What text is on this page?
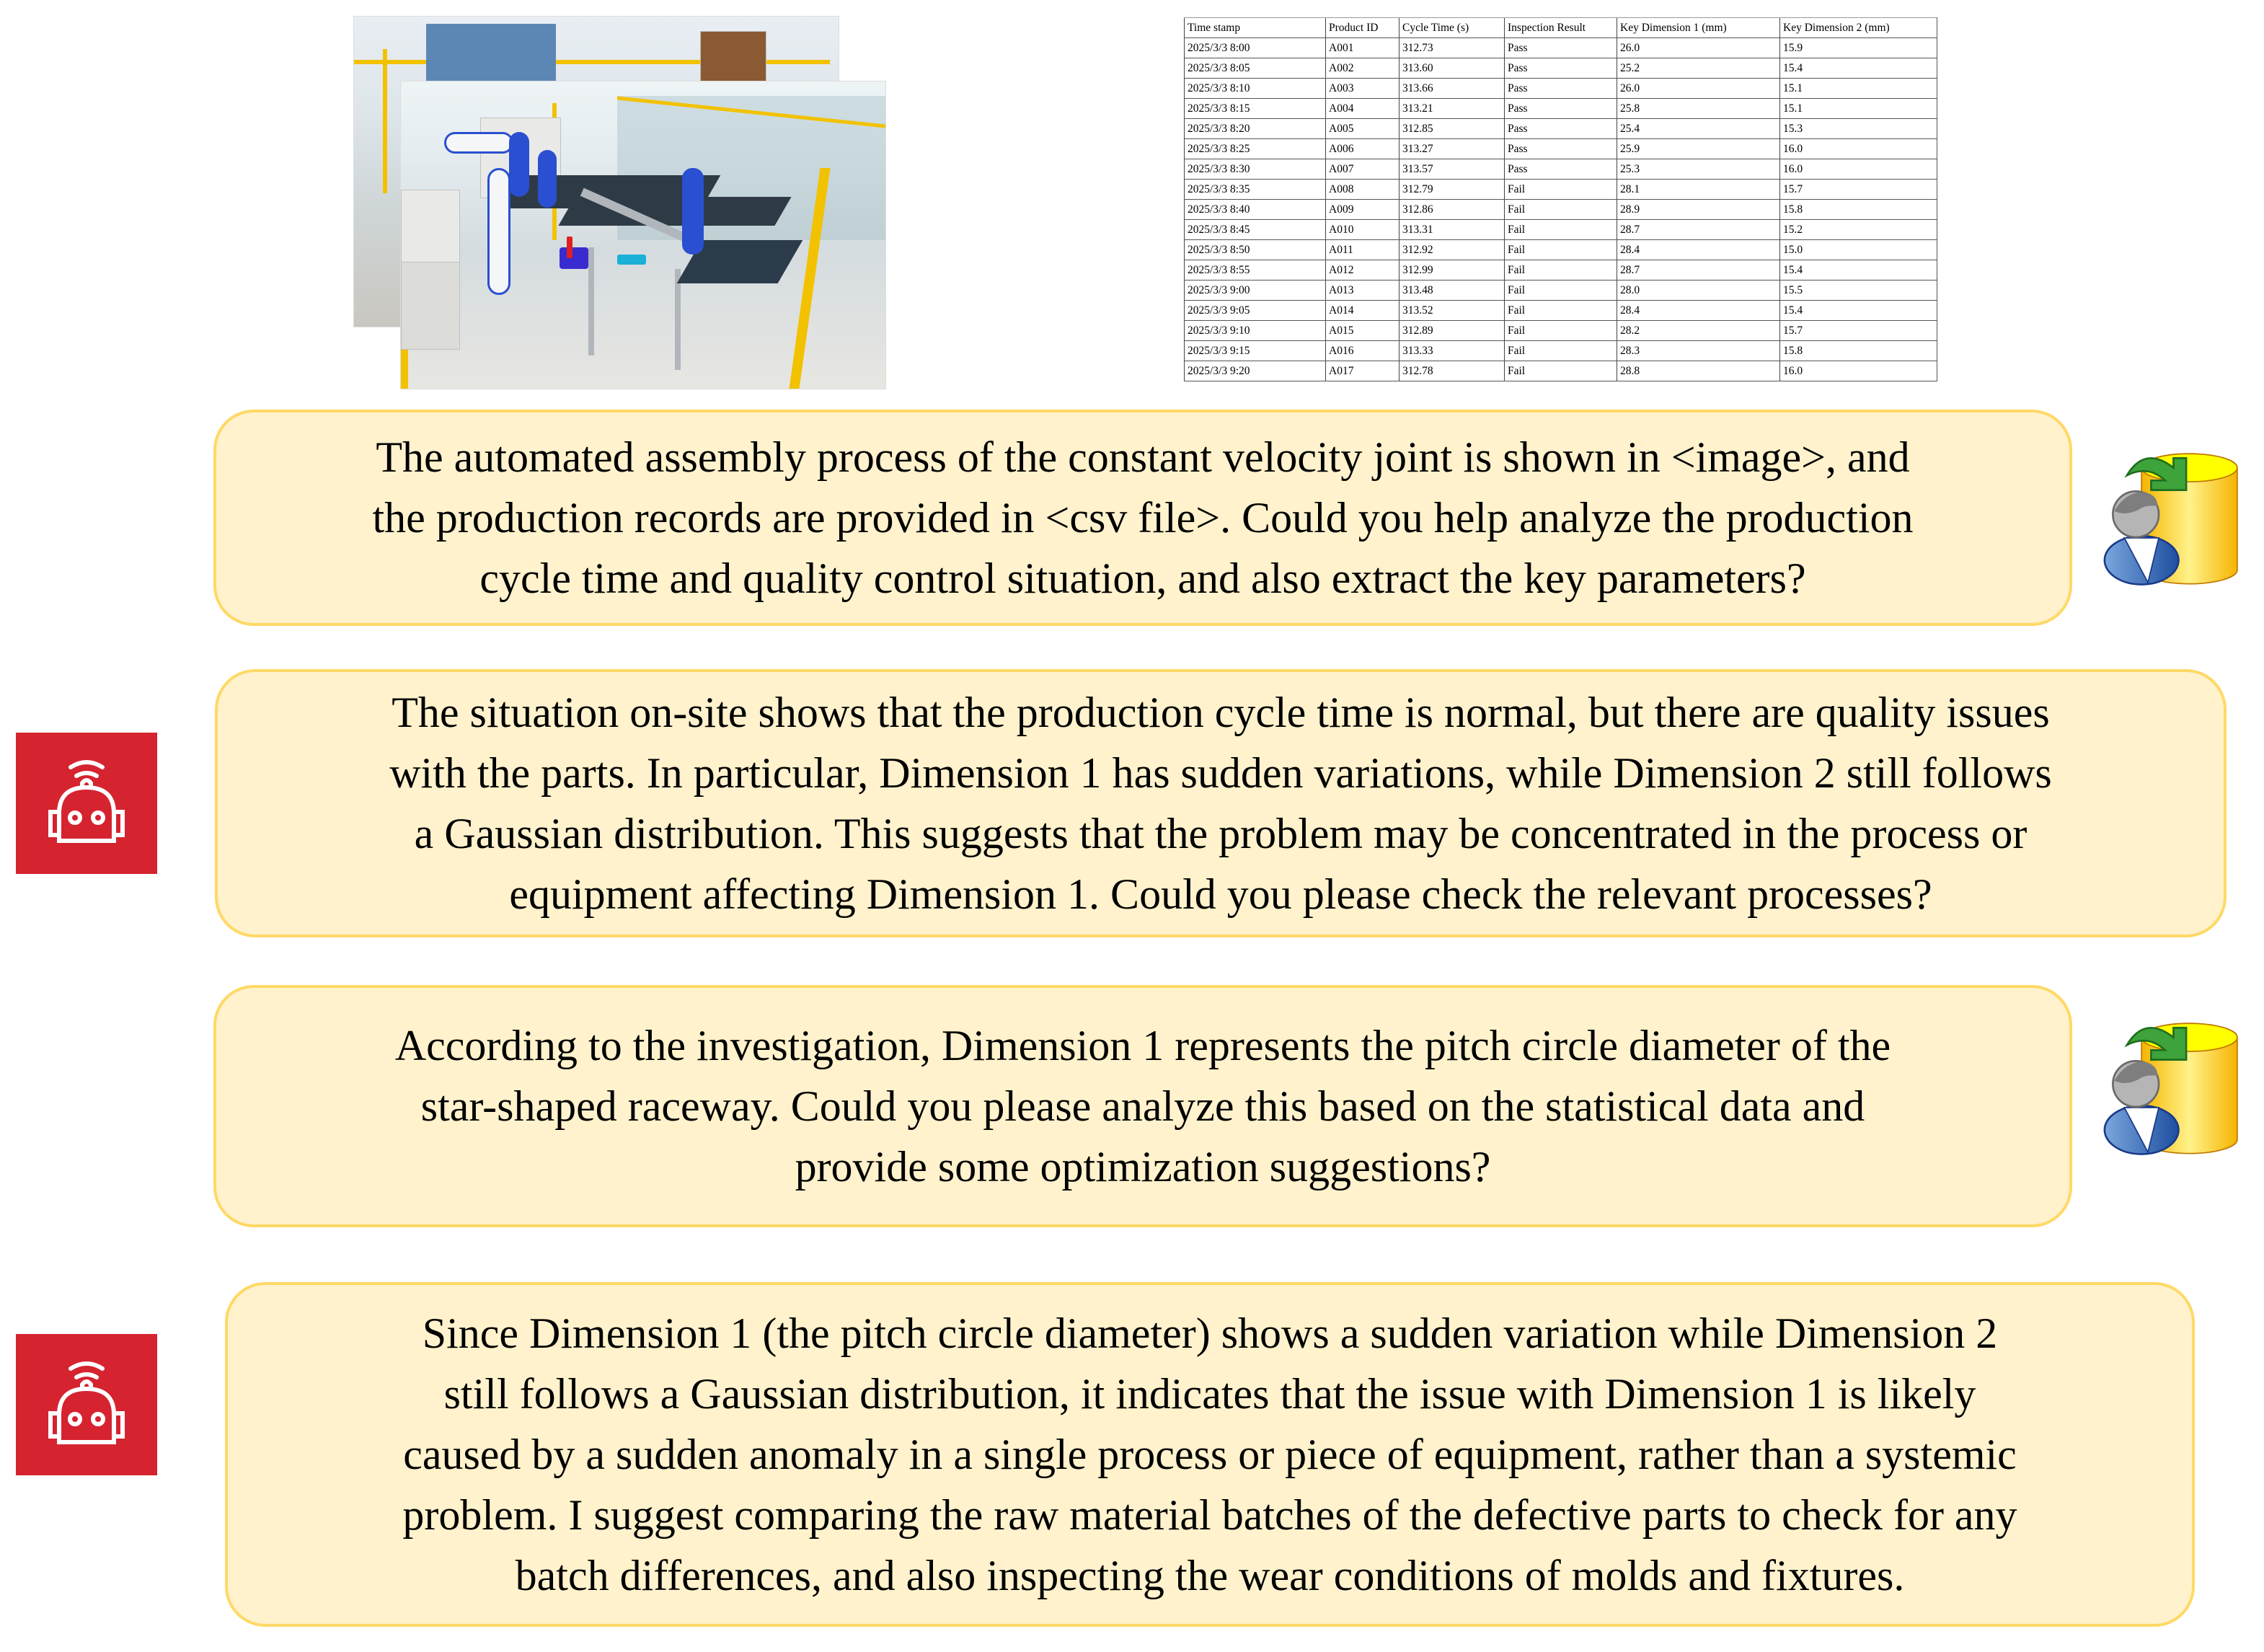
Time stamp	Product ID	Cycle Time (s)	Inspection Result	Key Dimension 1 (mm)	Key Dimension 2 (mm)
2025/3/3 8:00	A001	312.73	Pass	26.0	15.9
2025/3/3 8:05	A002	313.60	Pass	25.2	15.4
2025/3/3 8:10	A003	313.66	Pass	26.0	15.1
2025/3/3 8:15	A004	313.21	Pass	25.8	15.1
2025/3/3 8:20	A005	312.85	Pass	25.4	15.3
2025/3/3 8:25	A006	313.27	Pass	25.9	16.0
2025/3/3 8:30	A007	313.57	Pass	25.3	16.0
2025/3/3 8:35	A008	312.79	Fail	28.1	15.7
2025/3/3 8:40	A009	312.86	Fail	28.9	15.8
2025/3/3 8:45	A010	313.31	Fail	28.7	15.2
2025/3/3 8:50	A011	312.92	Fail	28.4	15.0
2025/3/3 8:55	A012	312.99	Fail	28.7	15.4
2025/3/3 9:00	A013	313.48	Fail	28.0	15.5
2025/3/3 9:05	A014	313.52	Fail	28.4	15.4
2025/3/3 9:10	A015	312.89	Fail	28.2	15.7
2025/3/3 9:15	A016	313.33	Fail	28.3	15.8
2025/3/3 9:20	A017	312.78	Fail	28.8	16.0
The automated assembly process of the constant velocity joint is shown in <image>, and
the production records are provided in <csv file>. Could you help analyze the production
cycle time and quality control situation, and also extract the key parameters?
The situation on-site shows that the production cycle time is normal, but there are quality issues
with the parts. In particular, Dimension 1 has sudden variations, while Dimension 2 still follows
a Gaussian distribution. This suggests that the problem may be concentrated in the process or
equipment affecting Dimension 1. Could you please check the relevant processes?
According to the investigation, Dimension 1 represents the pitch circle diameter of the
star-shaped raceway. Could you please analyze this based on the statistical data and
provide some optimization suggestions?
Since Dimension 1 (the pitch circle diameter) shows a sudden variation while Dimension 2
still follows a Gaussian distribution, it indicates that the issue with Dimension 1 is likely
caused by a sudden anomaly in a single process or piece of equipment, rather than a systemic
problem. I suggest comparing the raw material batches of the defective parts to check for any
batch differences, and also inspecting the wear conditions of molds and fixtures.
